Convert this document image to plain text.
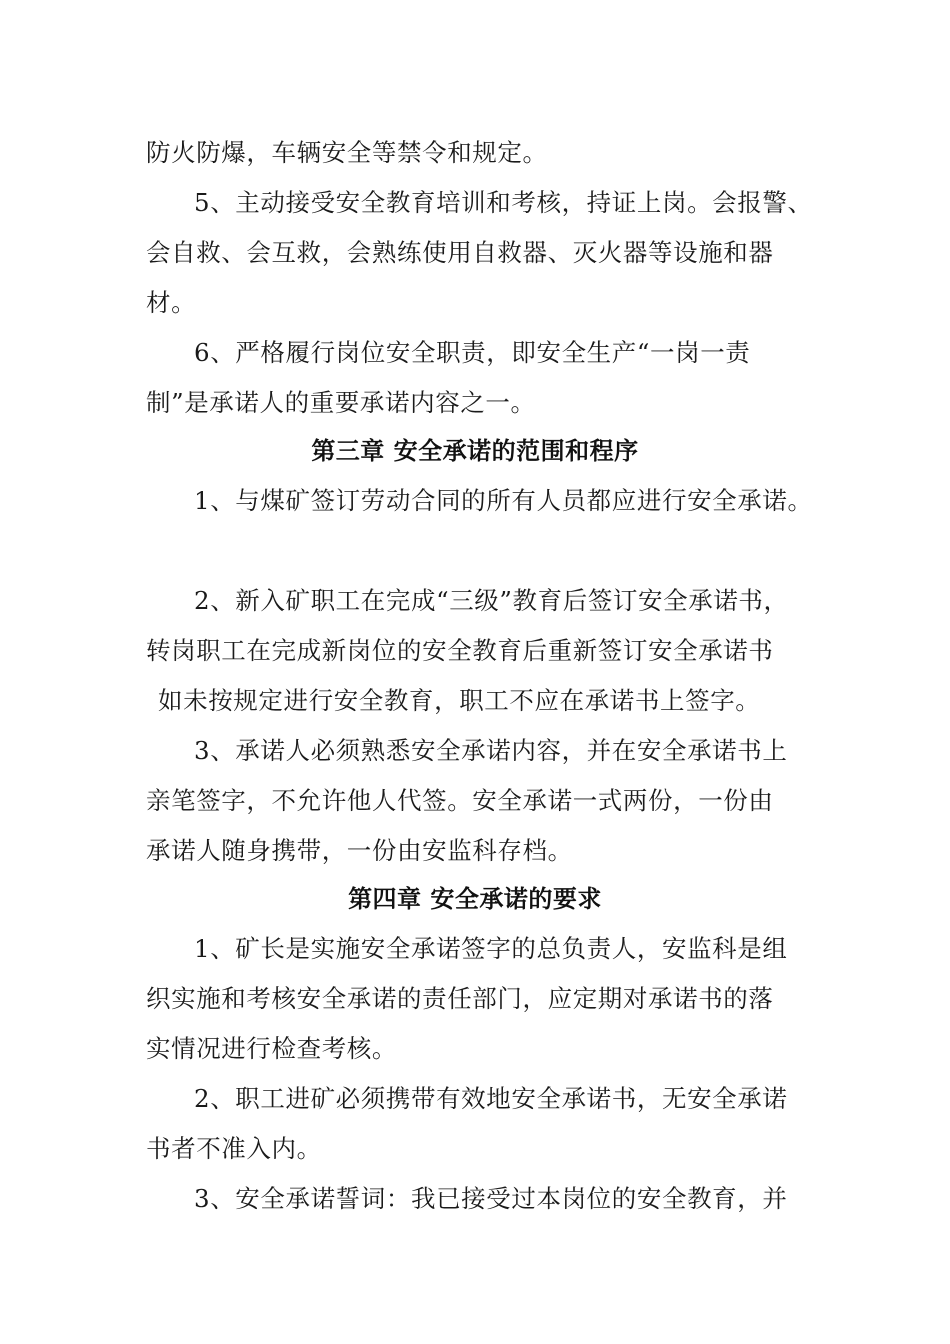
防火防爆，车辆安全等禁令和规定。
5、主动接受安全教育培训和考核，持证上岗。会报警、
会自救、会互救，会熟练使用自救器、灭火器等设施和器
材。
6、严格履行岗位安全职责，即安全生产“一岗一责
制”是承诺人的重要承诺内容之一。
第三章 安全承诺的范围和程序
1、与煤矿签订劳动合同的所有人员都应进行安全承诺。
2、新入矿职工在完成“三级”教育后签订安全承诺书，
转岗职工在完成新岗位的安全教育后重新签订安全承诺书
如未按规定进行安全教育，职工不应在承诺书上签字。
3、承诺人必须熟悉安全承诺内容，并在安全承诺书上
亲笔签字，不允许他人代签。安全承诺一式两份，一份由
承诺人随身携带，一份由安监科存档。
第四章 安全承诺的要求
1、矿长是实施安全承诺签字的总负责人，安监科是组
织实施和考核安全承诺的责任部门，应定期对承诺书的落
实情况进行检查考核。
2、职工进矿必须携带有效地安全承诺书，无安全承诺
书者不准入内。
3、安全承诺誓词：我已接受过本岗位的安全教育，并
